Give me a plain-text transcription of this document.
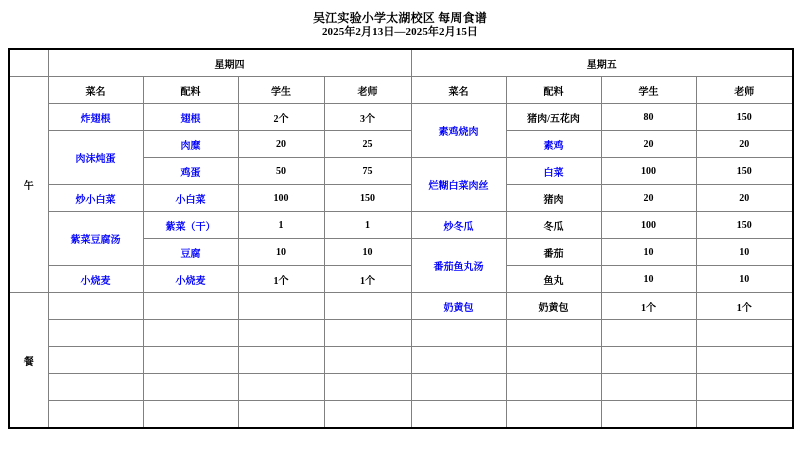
吴江实验小学太湖校区 每周食谱
2025年2月13日—2025年2月15日
	星期四				星期五			
午	菜名	配料	学生	老师	菜名	配料	学生	老师
	炸翅根	翅根	2个	3个	素鸡烧肉	猪肉/五花肉	80	150
	肉沫炖蛋	肉糜	20	25		素鸡	20	20
		鸡蛋	50	75	烂糊白菜肉丝	白菜	100	150
	炒小白菜	小白菜	100	150		猪肉	20	20
	紫菜豆腐汤	紫菜（干）	1	1	炒冬瓜	冬瓜	100	150
		豆腐	10	10	番茄鱼丸汤	番茄	10	10
	小烧麦	小烧麦	1个	1个		鱼丸	10	10
餐					奶黄包	奶黄包	1个	1个
